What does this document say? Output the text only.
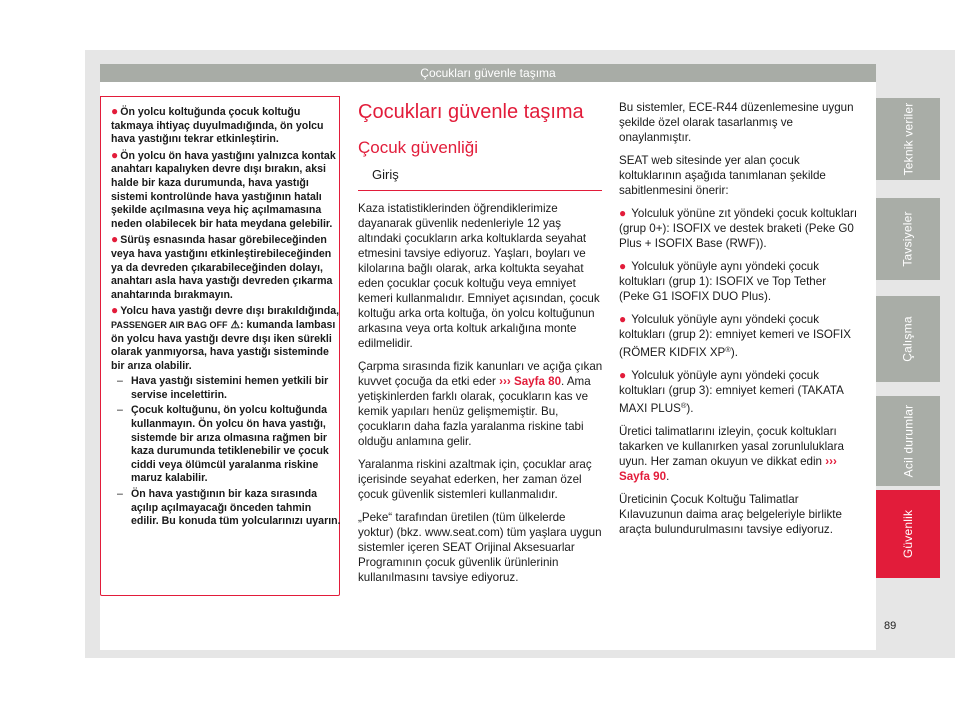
Çocukları güvenle taşıma
Teknik veriler
Tavsiyeler
Çalışma
Acil durumlar
Güvenlik
89

● Ön yolcu koltuğunda çocuk koltuğu takmaya ihtiyaç duyulmadığında, ön yolcu hava yastığını tekrar etkinleştirin.

● Ön yolcu ön hava yastığını yalnızca kontak anahtarı kapalıyken devre dışı bırakın, aksi halde bir kaza durumunda, hava yastığı sistemi kontrolünde hava yastığının hatalı şekilde açılmasına veya hiç açılmamasına neden olabilecek bir hata meydana gelebilir.

● Sürüş esnasında hasar görebileceğinden veya hava yastığını etkinleştirebileceğinden ya da devreden çıkarabileceğinden dolayı, anahtarı asla hava yastığı devreden çıkarma anahtarında bırakmayın.

● Yolcu hava yastığı devre dışı bırakıldığında, PASSENGER AIR BAG OFF ⚠: kumanda lambası ön yolcu hava yastığı devre dışı iken sürekli olarak yanmıyorsa, hava yastığı sisteminde bir arıza olabilir.

– Hava yastığı sistemini hemen yetkili bir servise incelettirin.
– Çocuk koltuğunu, ön yolcu koltuğunda kullanmayın. Ön yolcu ön hava yastığı, sistemde bir arıza olmasına rağmen bir kaza durumunda tetiklenebilir ve çocuk ciddi veya ölümcül yaralanma riskine maruz kalabilir.
– Ön hava yastığının bir kaza sırasında açılıp açılmayacağı önceden tahmin edilir. Bu konuda tüm yolcularınızı uyarın.
Çocukları güvenle taşıma
Çocuk güvenliği
Giriş

Kaza istatistiklerinden öğrendiklerimize dayanarak güvenlik nedenleriyle 12 yaş altındaki çocukların arka koltuklarda seyahat etmesini tavsiye ediyoruz. Yaşları, boyları ve kilolarına bağlı olarak, arka koltukta seyahat eden çocuklar çocuk koltuğu veya emniyet kemeri kullanmalıdır. Emniyet açısından, çocuk koltuğu arka orta koltuğa, ön yolcu koltuğunun arkasına veya orta koltuk arkalığına monte edilmelidir.

Çarpma sırasında fizik kanunları ve açığa çıkan kuvvet çocuğa da etki eder ››› Sayfa 80. Ama yetişkinlerden farklı olarak, çocukların kas ve kemik yapıları henüz gelişmemiştir. Bu, çocukların daha fazla yaralanma riskine tabi olduğu anlamına gelir.

Yaralanma riskini azaltmak için, çocuklar araç içerisinde seyahat ederken, her zaman özel çocuk güvenlik sistemleri kullanmalıdır.

„Peke“ tarafından üretilen (tüm ülkelerde yoktur) (bkz. www.seat.com) tüm yaşlara uygun sistemler içeren SEAT Orijinal Aksesuarlar Programının çocuk güvenlik ürünlerinin kullanılmasını tavsiye ediyoruz.

Bu sistemler, ECE-R44 düzenlemesine uygun şekilde özel olarak tasarlanmış ve onaylanmıştır.

SEAT web sitesinde yer alan çocuk koltuklarının aşağıda tanımlanan şekilde sabitlenmesini önerir:

● Yolculuk yönüne zıt yöndeki çocuk koltukları (grup 0+): ISOFIX ve destek braketi (Peke G0 Plus + ISOFIX Base (RWF)).

● Yolculuk yönüyle aynı yöndeki çocuk koltukları (grup 1): ISOFIX ve Top Tether (Peke G1 ISOFIX DUO Plus).

● Yolculuk yönüyle aynı yöndeki çocuk koltukları (grup 2): emniyet kemeri ve ISOFIX (RÖMER KIDFIX XP®).

● Yolculuk yönüyle aynı yöndeki çocuk koltukları (grup 3): emniyet kemeri (TAKATA MAXI PLUS®).

Üretici talimatlarını izleyin, çocuk koltukları takarken ve kullanırken yasal zorunluluklara uyun. Her zaman okuyun ve dikkat edin ››› Sayfa 90.

Üreticinin Çocuk Koltuğu Talimatlar Kılavuzunun daima araç belgeleriyle birlikte araçta bulundurulmasını tavsiye ediyoruz.
